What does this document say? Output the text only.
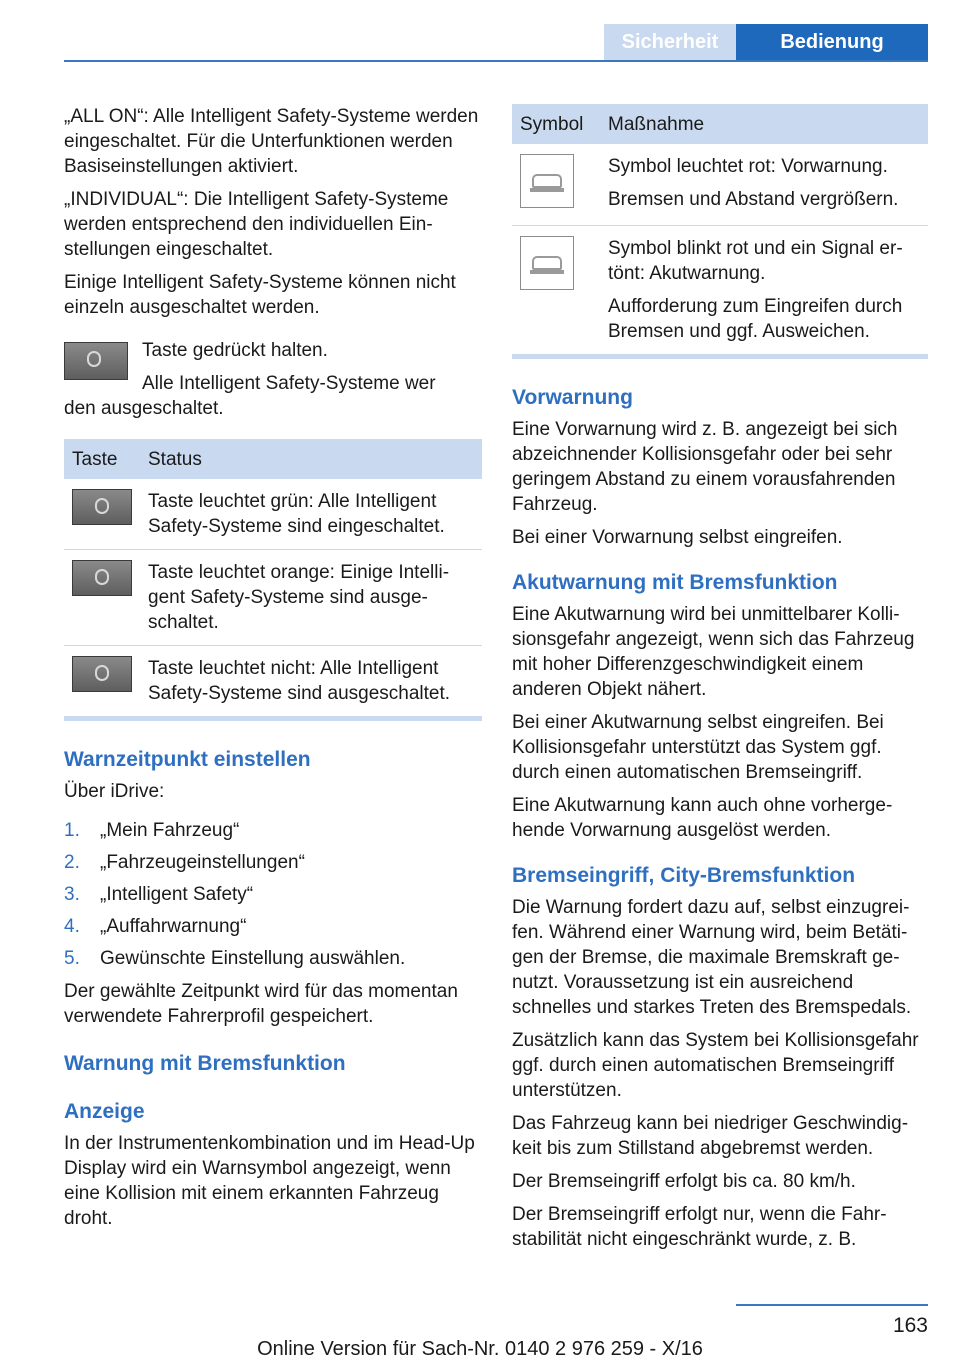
Sicherheit	Bedienung

„ALL ON“: Alle Intelligent Safety-Systeme werden eingeschaltet. Für die Unterfunktionen werden Basiseinstellungen aktiviert.

„INDIVIDUAL“: Die Intelligent Safety-Systeme werden entsprechend den individuellen Einstellungen eingeschaltet.

Einige Intelligent Safety-Systeme können nicht einzeln ausgeschaltet werden.

Taste gedrückt halten.

Alle Intelligent Safety-Systeme wer

den ausgeschaltet.

Taste	Status
	Taste leuchtet grün: Alle Intelligent Safety-Systeme sind eingeschaltet.
	Taste leuchtet orange: Einige Intelligent Safety-Systeme sind ausgeschaltet.
	Taste leuchtet nicht: Alle Intelligent Safety-Systeme sind ausgeschaltet.
Warnzeitpunkt einstellen

Über iDrive:

1. „Mein Fahrzeug“
2. „Fahrzeugeinstellungen“
3. „Intelligent Safety“
4. „Auffahrwarnung“
5. Gewünschte Einstellung auswählen.

Der gewählte Zeitpunkt wird für das momentan verwendete Fahrerprofil gespeichert.

Warnung mit Bremsfunktion
Anzeige

In der Instrumentenkombination und im Head-Up Display wird ein Warnsymbol angezeigt, wenn eine Kollision mit einem erkannten Fahrzeug droht.

Symbol	Maßnahme

	Symbol leuchtet rot: Vorwarnung.

Bremsen und Abstand vergrößern.

	Symbol blinkt rot und ein Signal ertönt: Akutwarnung.

Aufforderung zum Eingreifen durch Bremsen und ggf. Ausweichen.

Vorwarnung

Eine Vorwarnung wird z. B. angezeigt bei sich abzeichnender Kollisionsgefahr oder bei sehr geringem Abstand zu einem vorausfahrenden Fahrzeug.

Bei einer Vorwarnung selbst eingreifen.

Akutwarnung mit Bremsfunktion

Eine Akutwarnung wird bei unmittelbarer Kollisionsgefahr angezeigt, wenn sich das Fahrzeug mit hoher Differenzgeschwindigkeit einem anderen Objekt nähert.

Bei einer Akutwarnung selbst eingreifen. Bei Kollisionsgefahr unterstützt das System ggf. durch einen automatischen Bremseingriff.

Eine Akutwarnung kann auch ohne vorhergehende Vorwarnung ausgelöst werden.

Bremseingriff, City-Bremsfunktion

Die Warnung fordert dazu auf, selbst einzugreifen. Während einer Warnung wird, beim Betätigen der Bremse, die maximale Bremskraft genutzt. Voraussetzung ist ein ausreichend schnelles und starkes Treten des Bremspedals.

Zusätzlich kann das System bei Kollisionsgefahr ggf. durch einen automatischen Bremseingriff unterstützen.

Das Fahrzeug kann bei niedriger Geschwindigkeit bis zum Stillstand abgebremst werden.

Der Bremseingriff erfolgt bis ca. 80 km/h.

Der Bremseingriff erfolgt nur, wenn die Fahrstabilität nicht eingeschränkt wurde, z. B.

163
Online Version für Sach-Nr. 0140 2 976 259 - X/16
